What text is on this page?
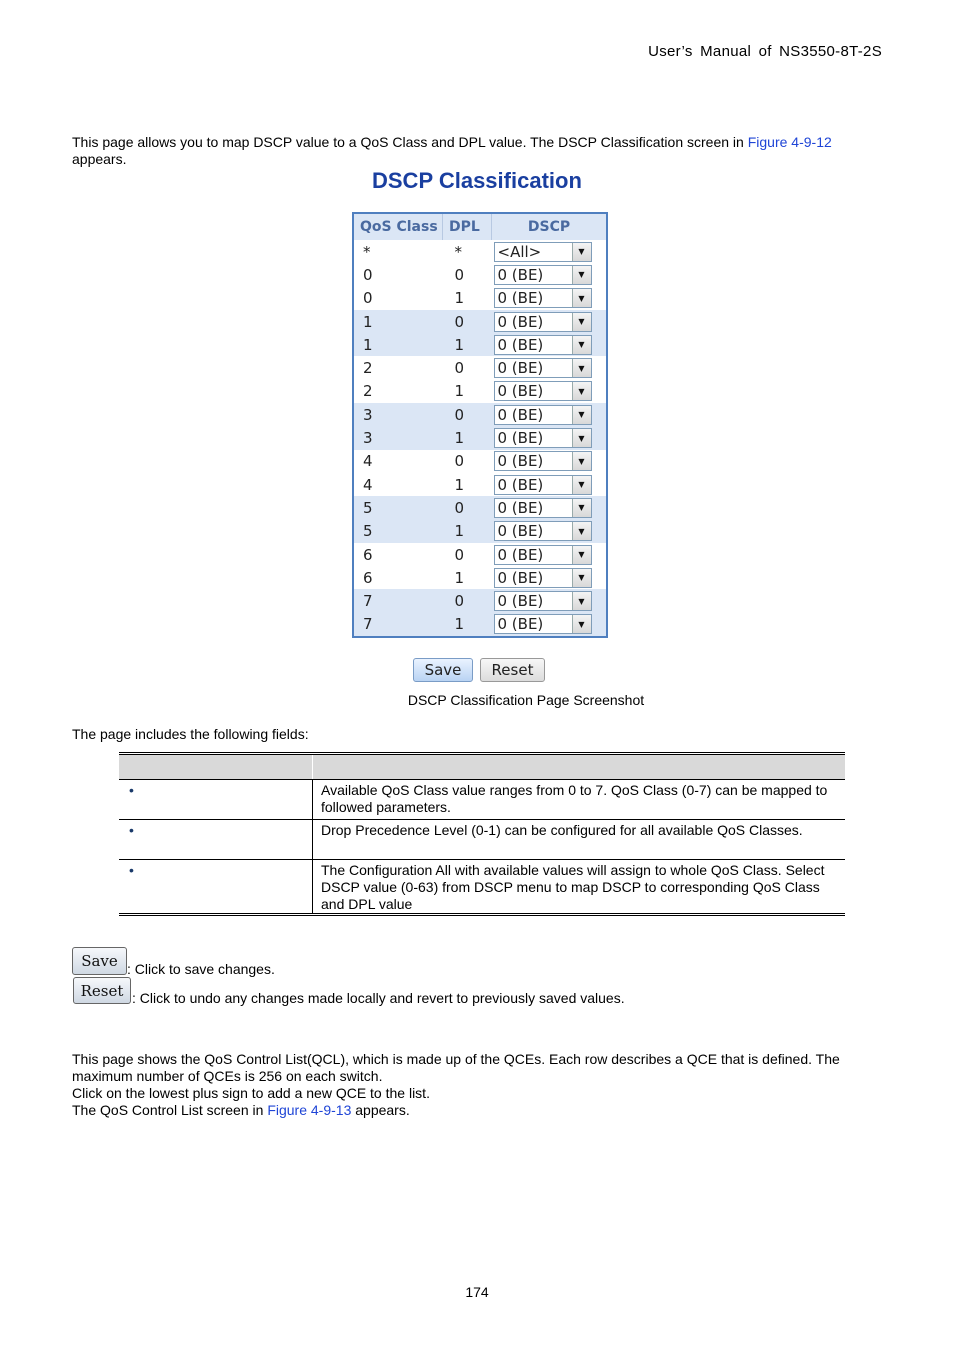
User’s Manual of NS3550-8T-2S
This page allows you to map DSCP value to a QoS Class and DPL value. The DSCP Classification screen in Figure 4-9-12
appears.
DSCP Classification
QoS Class	DPL	DSCP
*	*	<All> ▼

0	0	0 (BE) ▼

0	1	0 (BE) ▼

1	0	0 (BE) ▼

1	1	0 (BE) ▼

2	0	0 (BE) ▼

2	1	0 (BE) ▼

3	0	0 (BE) ▼

3	1	0 (BE) ▼

4	0	0 (BE) ▼

4	1	0 (BE) ▼

5	0	0 (BE) ▼

5	1	0 (BE) ▼

6	0	0 (BE) ▼

6	1	0 (BE) ▼

7	0	0 (BE) ▼

7	1	0 (BE) ▼
Save	Reset
DSCP Classification Page Screenshot
The page includes the following fields:

•	Available QoS Class value ranges from 0 to 7. QoS Class (0-7) can be mapped to followed parameters.
•	Drop Precedence Level (0-1) can be configured for all available QoS Classes.
•	The Configuration All with available values will assign to whole QoS Class. Select DSCP value (0-63) from DSCP menu to map DSCP to corresponding QoS Class and DPL value
Save : Click to save changes.
Reset : Click to undo any changes made locally and revert to previously saved values.
This page shows the QoS Control List(QCL), which is made up of the QCEs. Each row describes a QCE that is defined. The maximum number of QCEs is 256 on each switch.
Click on the lowest plus sign to add a new QCE to the list.
The QoS Control List screen in Figure 4-9-13 appears.
174
